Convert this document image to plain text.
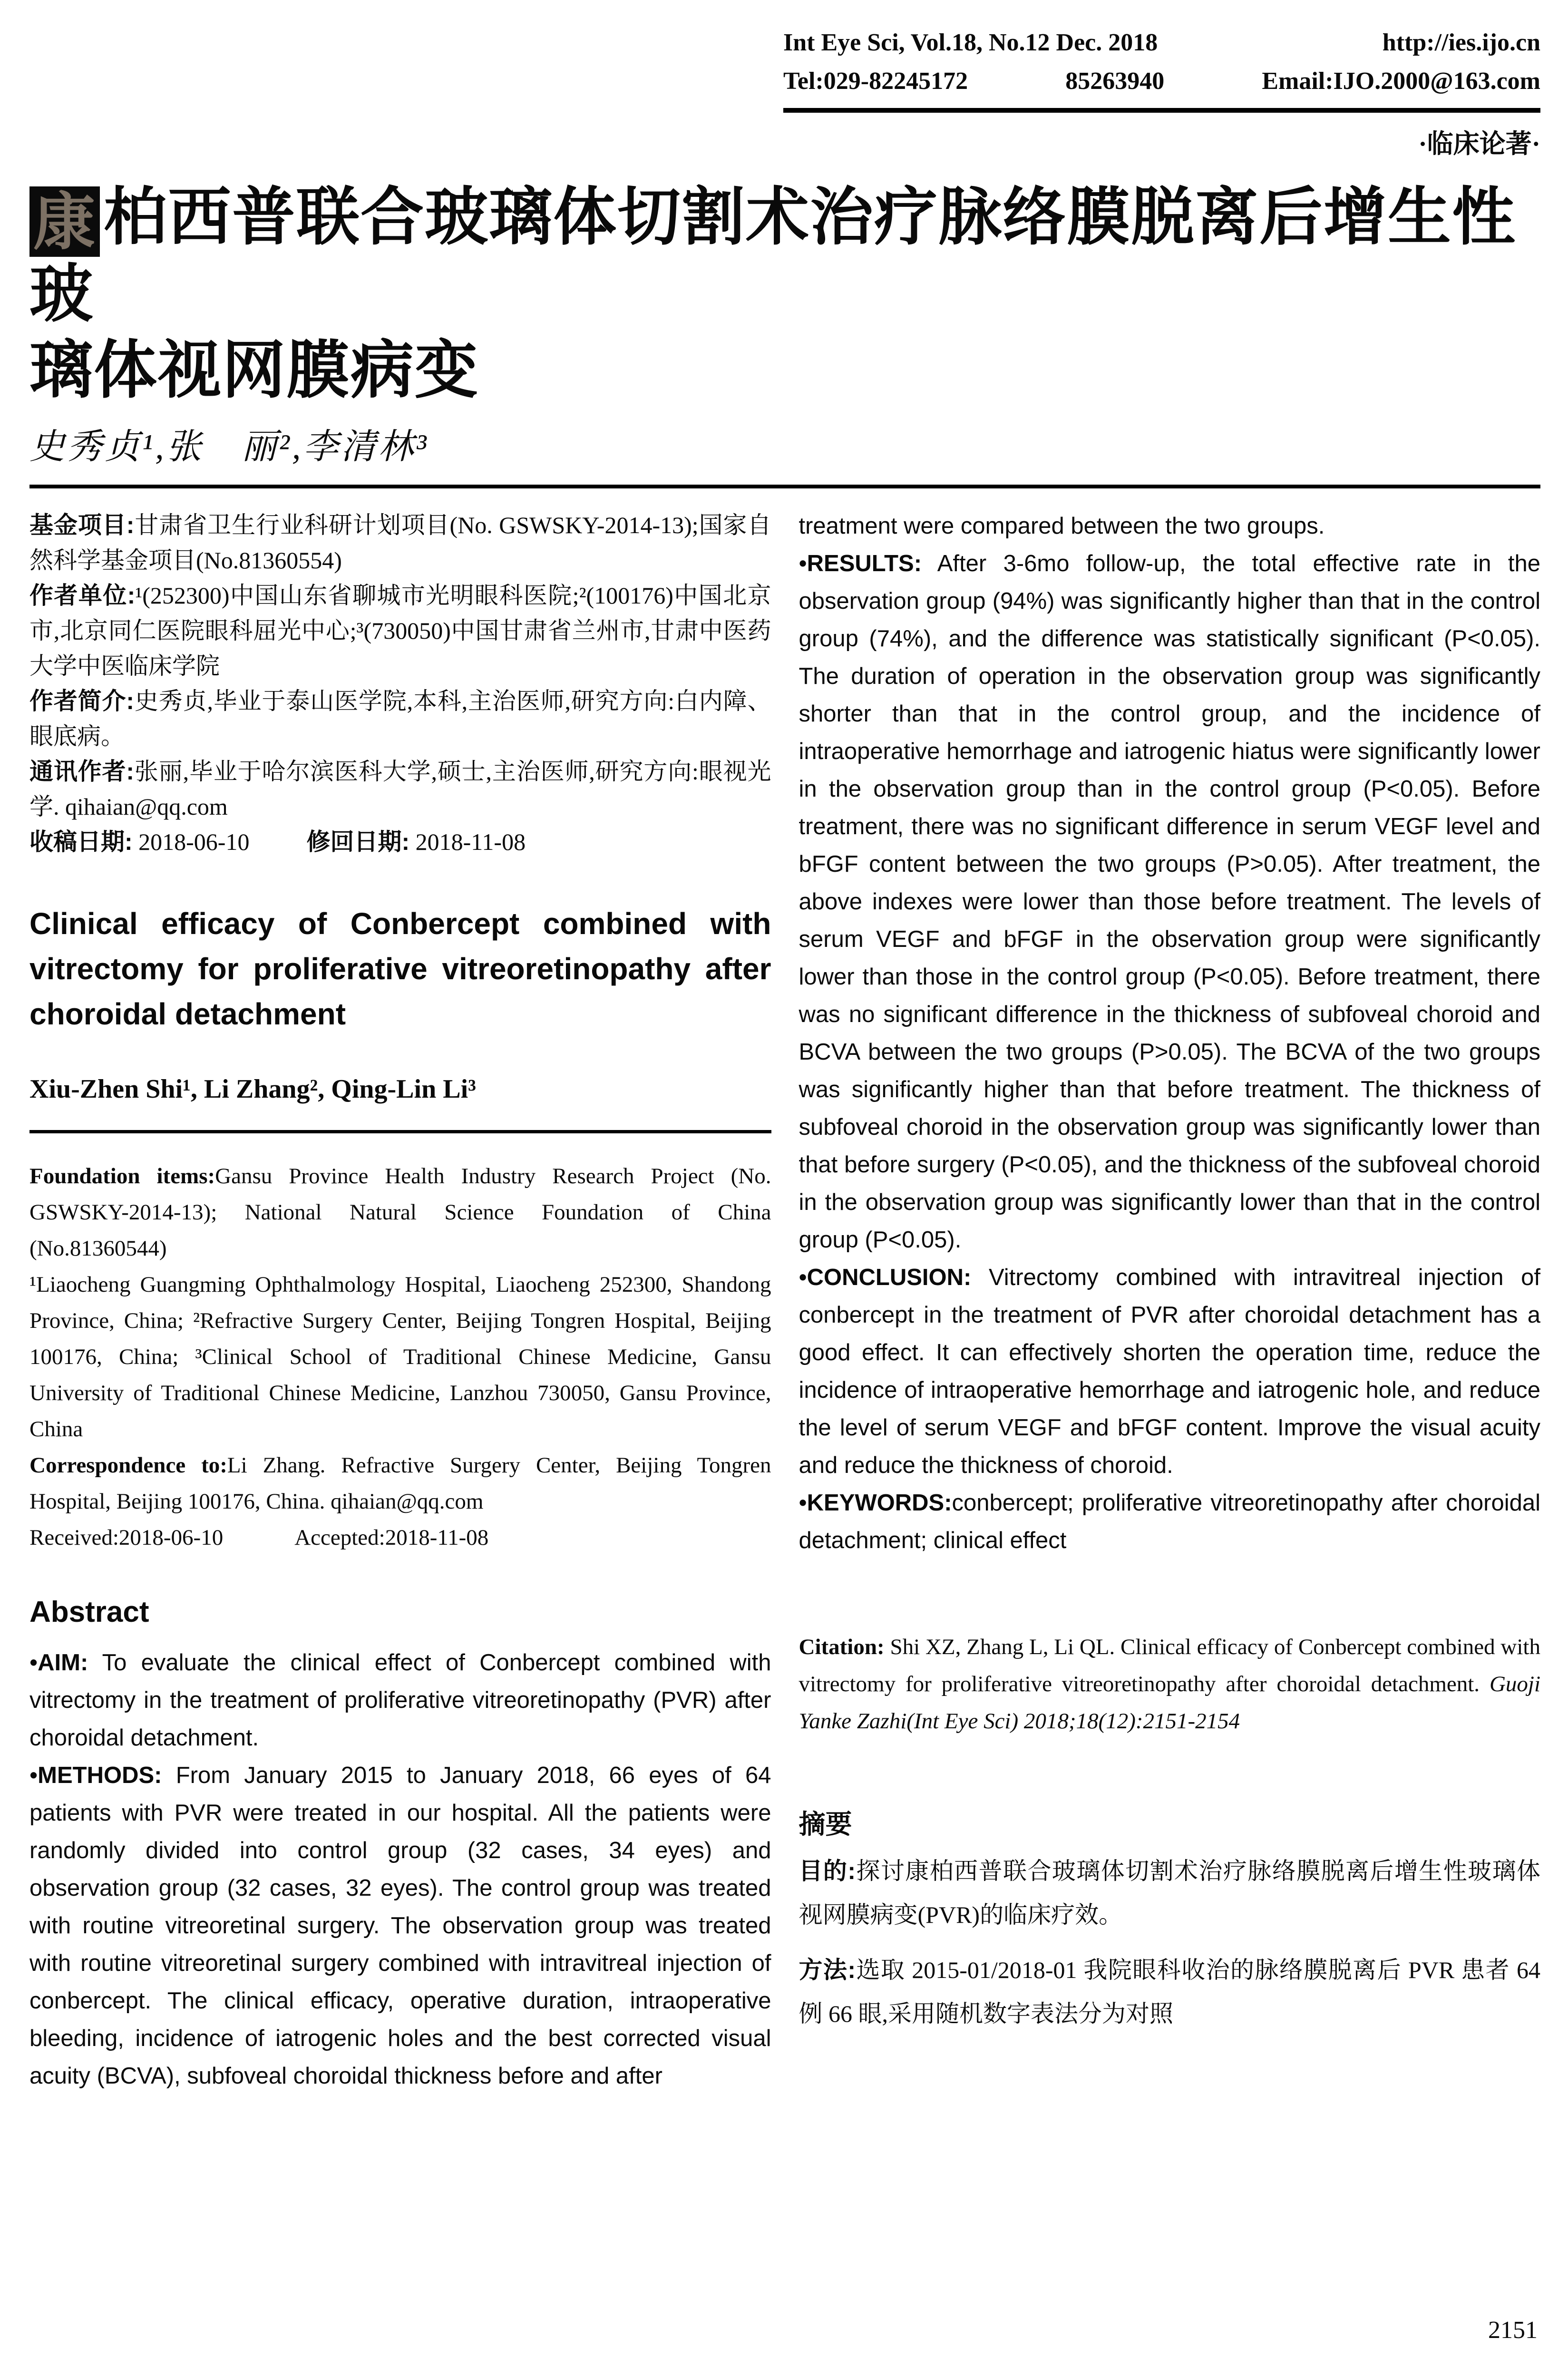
Int Eye Sci, Vol.18, No.12 Dec. 2018	http://ies.ijo.cn
Tel:029-82245172	85263940	Email:IJO.2000@163.com
·临床论著·
康 柏西普联合玻璃体切割术治疗脉络膜脱离后增生性玻
璃体视网膜病变
史秀贞¹,张　丽²,李清林³

基金项目:甘肃省卫生行业科研计划项目(No. GSWSKY-2014-13);国家自然科学基金项目(No.81360554)

作者单位:¹(252300)中国山东省聊城市光明眼科医院;²(100176)中国北京市,北京同仁医院眼科屈光中心;³(730050)中国甘肃省兰州市,甘肃中医药大学中医临床学院

作者简介:史秀贞,毕业于泰山医学院,本科,主治医师,研究方向:白内障、眼底病。

通讯作者:张丽,毕业于哈尔滨医科大学,硕士,主治医师,研究方向:眼视光学. qihaian@qq.com

收稿日期: 2018-06-10 修回日期: 2018-11-08

Clinical efficacy of Conbercept combined with vitrectomy for proliferative vitreoretinopathy after choroidal detachment
Xiu-Zhen Shi¹, Li Zhang², Qing-Lin Li³

Foundation items:Gansu Province Health Industry Research Project (No. GSWSKY-2014-13); National Natural Science Foundation of China (No.81360544)

¹Liaocheng Guangming Ophthalmology Hospital, Liaocheng 252300, Shandong Province, China; ²Refractive Surgery Center, Beijing Tongren Hospital, Beijing 100176, China; ³Clinical School of Traditional Chinese Medicine, Gansu University of Traditional Chinese Medicine, Lanzhou 730050, Gansu Province, China

Correspondence to:Li Zhang. Refractive Surgery Center, Beijing Tongren Hospital, Beijing 100176, China. qihaian@qq.com

Received:2018-06-10	Accepted:2018-11-08

Abstract

•AIM: To evaluate the clinical effect of Conbercept combined with vitrectomy in the treatment of proliferative vitreoretinopathy (PVR) after choroidal detachment.

•METHODS: From January 2015 to January 2018, 66 eyes of 64 patients with PVR were treated in our hospital. All the patients were randomly divided into control group (32 cases, 34 eyes) and observation group (32 cases, 32 eyes). The control group was treated with routine vitreoretinal surgery. The observation group was treated with routine vitreoretinal surgery combined with intravitreal injection of conbercept. The clinical efficacy, operative duration, intraoperative bleeding, incidence of iatrogenic holes and the best corrected visual acuity (BCVA), subfoveal choroidal thickness before and after

treatment were compared between the two groups.

•RESULTS: After 3-6mo follow-up, the total effective rate in the observation group (94%) was significantly higher than that in the control group (74%), and the difference was statistically significant (P<0.05). The duration of operation in the observation group was significantly shorter than that in the control group, and the incidence of intraoperative hemorrhage and iatrogenic hiatus were significantly lower in the observation group than in the control group (P<0.05). Before treatment, there was no significant difference in serum VEGF level and bFGF content between the two groups (P>0.05). After treatment, the above indexes were lower than those before treatment. The levels of serum VEGF and bFGF in the observation group were significantly lower than those in the control group (P<0.05). Before treatment, there was no significant difference in the thickness of subfoveal choroid and BCVA between the two groups (P>0.05). The BCVA of the two groups was significantly higher than that before treatment. The thickness of subfoveal choroid in the observation group was significantly lower than that before surgery (P<0.05), and the thickness of the subfoveal choroid in the observation group was significantly lower than that in the control group (P<0.05).

•CONCLUSION: Vitrectomy combined with intravitreal injection of conbercept in the treatment of PVR after choroidal detachment has a good effect. It can effectively shorten the operation time, reduce the incidence of intraoperative hemorrhage and iatrogenic hole, and reduce the level of serum VEGF and bFGF content. Improve the visual acuity and reduce the thickness of choroid.

•KEYWORDS:conbercept; proliferative vitreoretinopathy after choroidal detachment; clinical effect

Citation: Shi XZ, Zhang L, Li QL. Clinical efficacy of Conbercept combined with vitrectomy for proliferative vitreoretinopathy after choroidal detachment. Guoji Yanke Zazhi(Int Eye Sci) 2018;18(12):2151-2154

摘要

目的:探讨康柏西普联合玻璃体切割术治疗脉络膜脱离后增生性玻璃体视网膜病变(PVR)的临床疗效。

方法:选取 2015-01/2018-01 我院眼科收治的脉络膜脱离后 PVR 患者 64 例 66 眼,采用随机数字表法分为对照

2151
